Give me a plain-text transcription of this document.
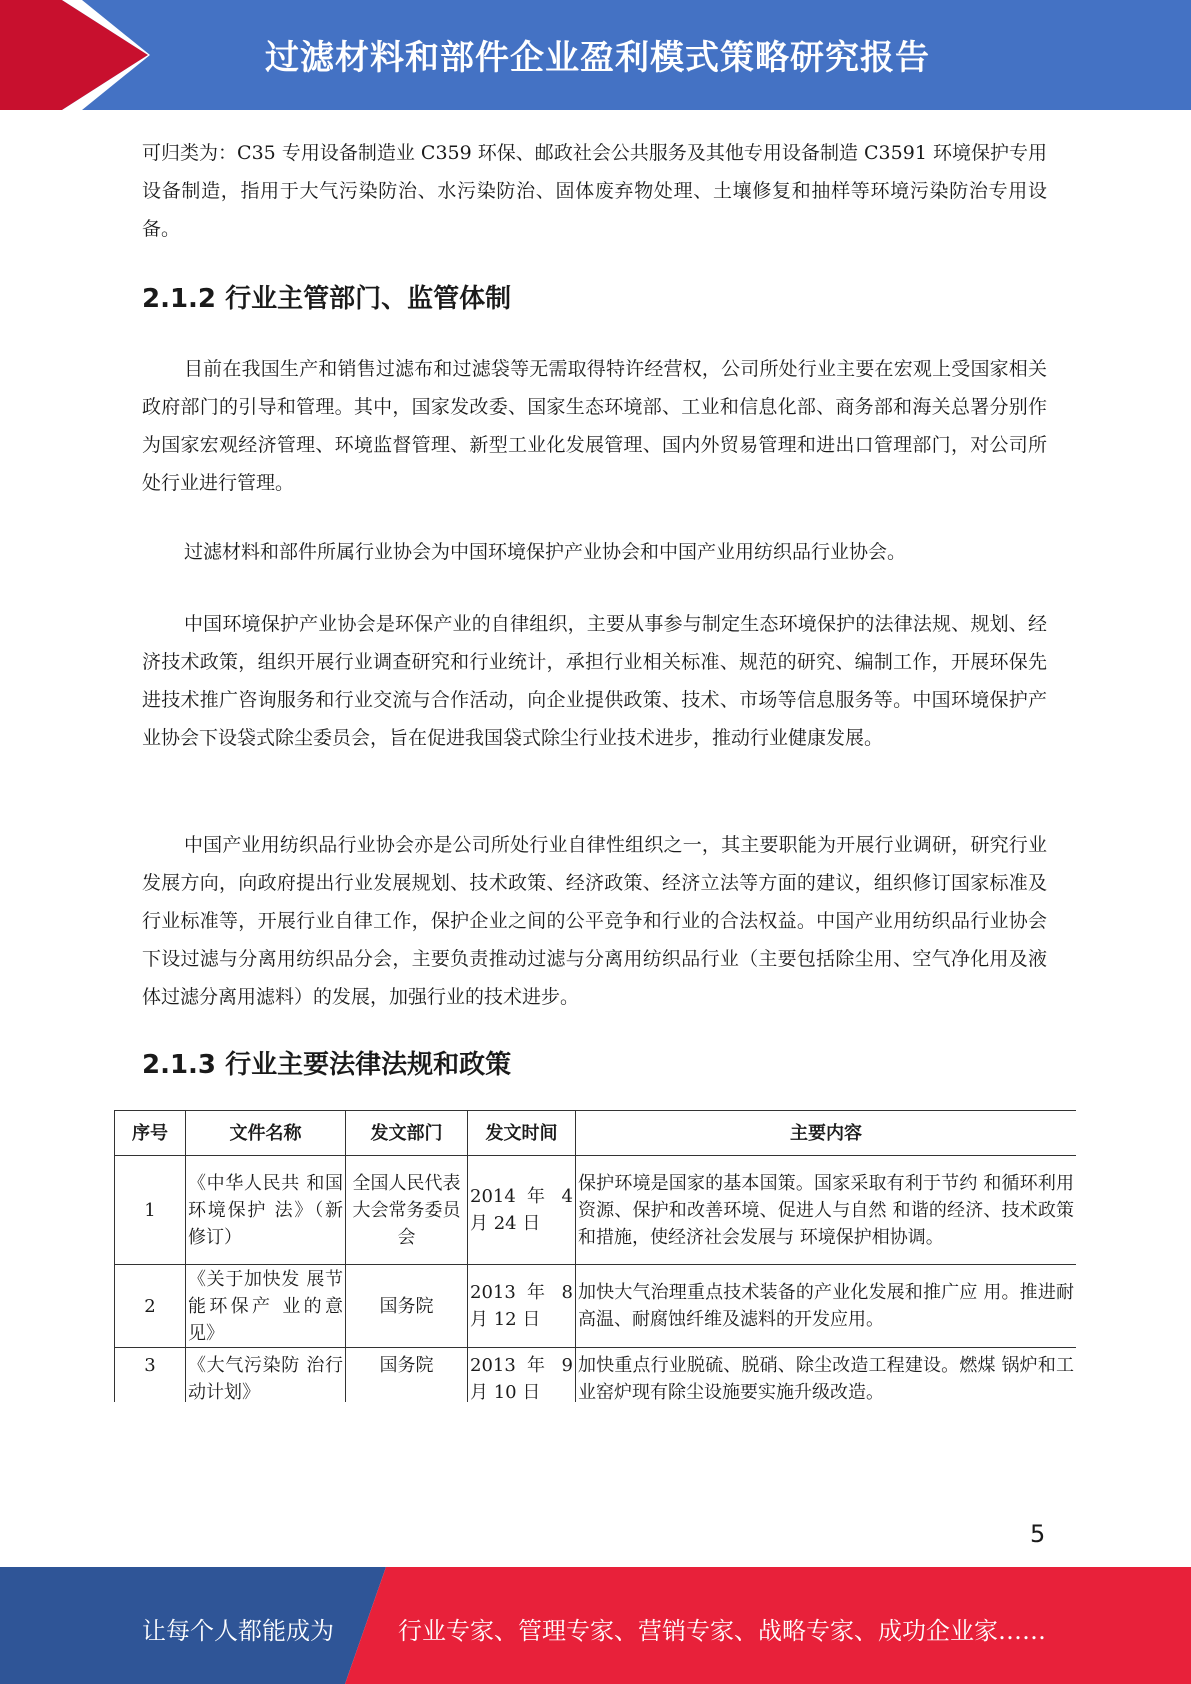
过滤材料和部件企业盈利模式策略研究报告
可归类为：C35 专用设备制造业 C359 环保、邮政社会公共服务及其他专用设备制造 C3591 环境保护专用设备制造，指用于大气污染防治、水污染防治、固体废弃物处理、土壤修复和抽样等环境污染防治专用设备。
2.1.2 行业主管部门、监管体制
目前在我国生产和销售过滤布和过滤袋等无需取得特许经营权，公司所处行业主要在宏观上受国家相关政府部门的引导和管理。其中，国家发改委、国家生态环境部、工业和信息化部、商务部和海关总署分别作为国家宏观经济管理、环境监督管理、新型工业化发展管理、国内外贸易管理和进出口管理部门，对公司所处行业进行管理。
过滤材料和部件所属行业协会为中国环境保护产业协会和中国产业用纺织品行业协会。
中国环境保护产业协会是环保产业的自律组织，主要从事参与制定生态环境保护的法律法规、规划、经济技术政策，组织开展行业调查研究和行业统计，承担行业相关标准、规范的研究、编制工作，开展环保先进技术推广咨询服务和行业交流与合作活动，向企业提供政策、技术、市场等信息服务等。中国环境保护产业协会下设袋式除尘委员会，旨在促进我国袋式除尘行业技术进步，推动行业健康发展。
中国产业用纺织品行业协会亦是公司所处行业自律性组织之一，其主要职能为开展行业调研，研究行业发展方向，向政府提出行业发展规划、技术政策、经济政策、经济立法等方面的建议，组织修订国家标准及行业标准等，开展行业自律工作，保护企业之间的公平竞争和行业的合法权益。中国产业用纺织品行业协会下设过滤与分离用纺织品分会，主要负责推动过滤与分离用纺织品行业（主要包括除尘用、空气净化用及液体过滤分离用滤料）的发展，加强行业的技术进步。
2.1.3 行业主要法律法规和政策
序号	文件名称	发文部门	发文时间	主要内容
1	《中华人民共 和国环境保护 法》（新修订）	全国人民代表大会常务委员会	2014 年 4 月 24 日	保护环境是国家的基本国策。国家采取有利于节约 和循环利用资源、保护和改善环境、促进人与自然 和谐的经济、技术政策和措施，使经济社会发展与 环境保护相协调。
2	《关于加快发 展节能环保产 业的意见》	国务院	2013 年 8 月 12 日	加快大气治理重点技术装备的产业化发展和推广应 用。推进耐高温、耐腐蚀纤维及滤料的开发应用。
3	《大气污染防 治行动计划》	国务院	2013 年 9 月 10 日	加快重点行业脱硫、脱硝、除尘改造工程建设。燃煤 锅炉和工业窑炉现有除尘设施要实施升级改造。
5
让每个人都能成为	行业专家、管理专家、营销专家、战略专家、成功企业家……
